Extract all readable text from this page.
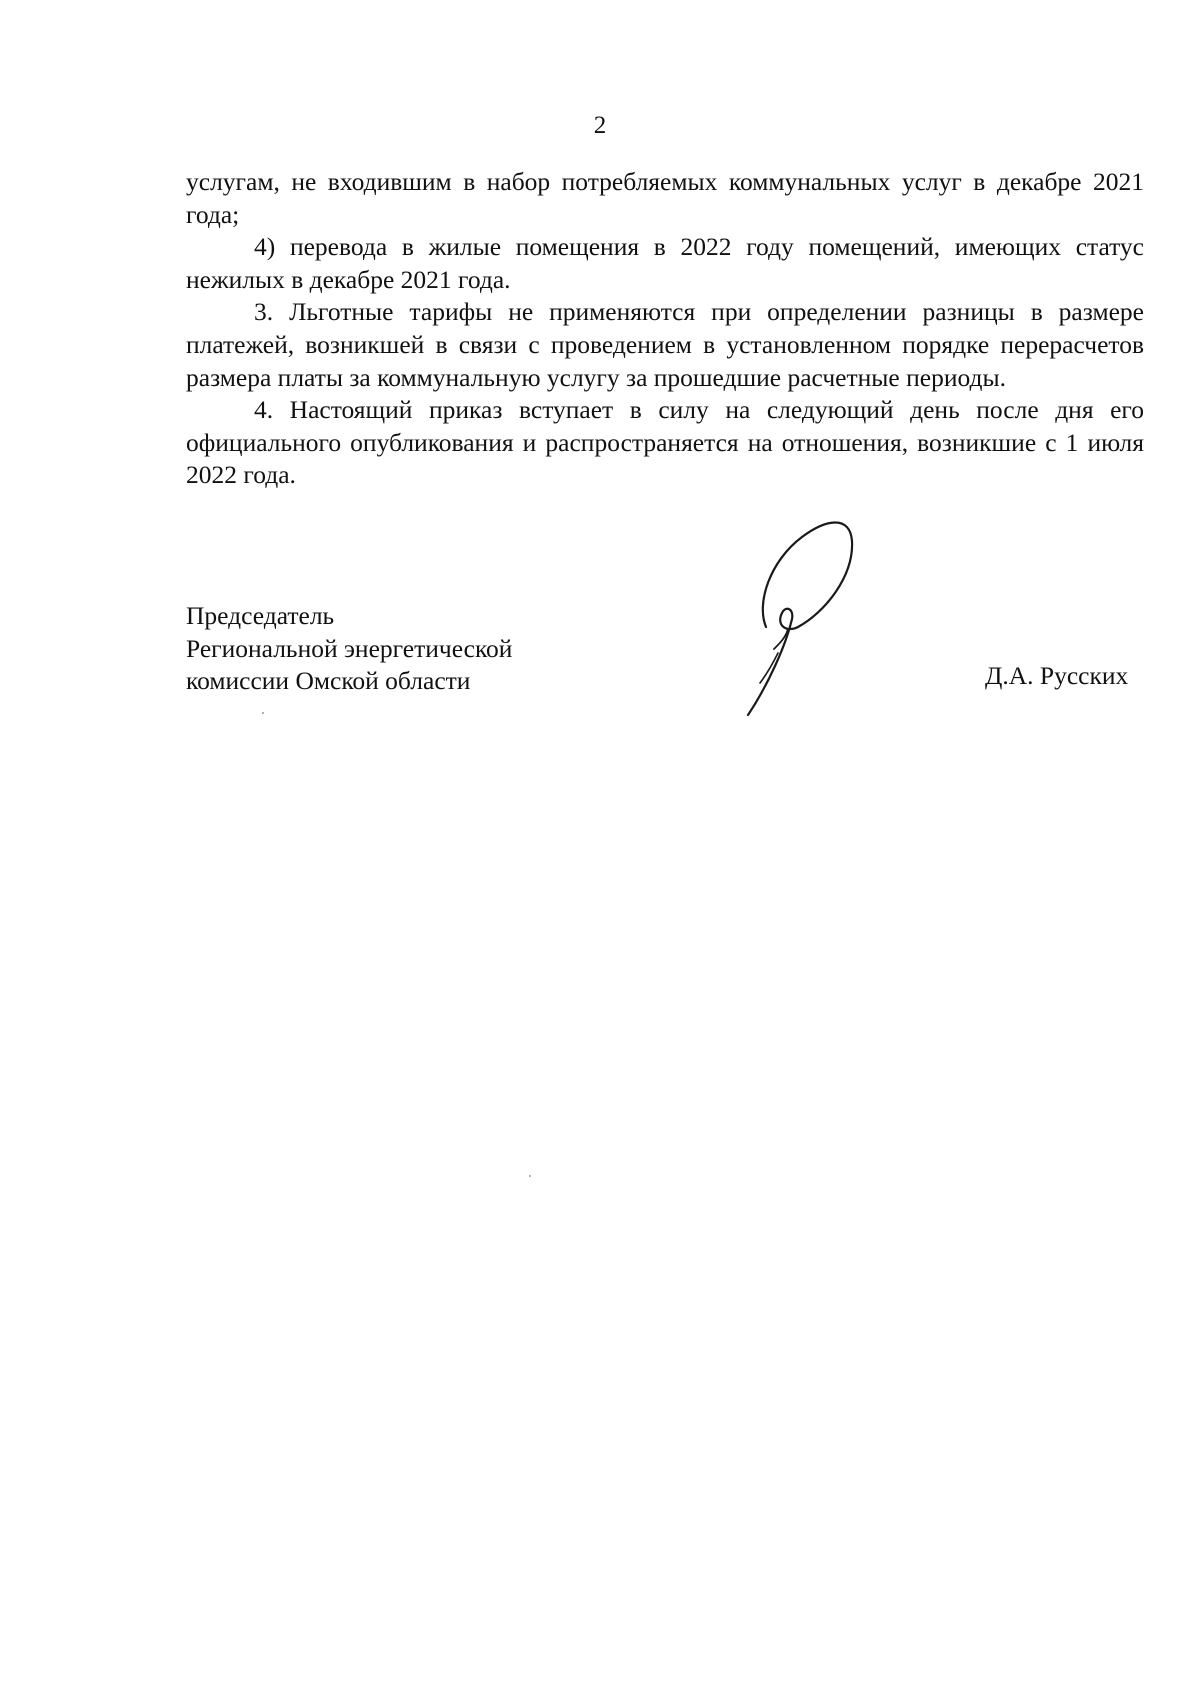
2

услугам, не входившим в набор потребляемых коммунальных услуг в декабре 2021 года;

4) перевода в жилые помещения в 2022 году помещений, имеющих статус нежилых в декабре 2021 года.

3. Льготные тарифы не применяются при определении разницы в размере платежей, возникшей в связи с проведением в установленном порядке перерасчетов размера платы за коммунальную услугу за прошедшие расчетные периоды.

4. Настоящий приказ вступает в силу на следующий день после дня его официального опубликования и распространяется на отношения, возникшие с 1 июля 2022 года.

Председатель
Региональной энергетической
комиссии Омской области	Д.А. Русских
